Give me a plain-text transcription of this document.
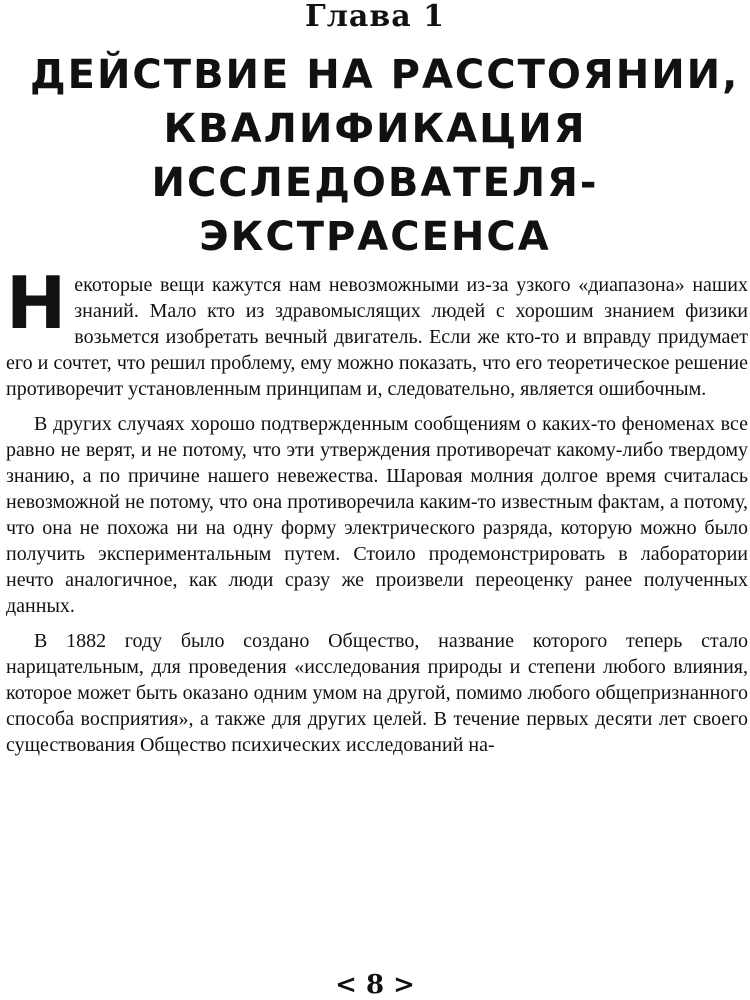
Глава 1
ДЕЙСТВИЕ НА РАССТОЯНИИ,
КВАЛИФИКАЦИЯ
ИССЛЕДОВАТЕЛЯ-
ЭКСТРАСЕНСА

Некоторые вещи кажутся нам невозможными из-за узкого «диапазона» наших знаний. Мало кто из здравомыслящих людей с хорошим знанием физики возьмется изобретать вечный двигатель. Если же кто-то и вправду придумает его и сочтет, что решил проблему, ему можно показать, что его теоретическое решение противоречит установленным принципам и, следовательно, является ошибочным.

В других случаях хорошо подтвержденным сообщениям о каких-то феноменах все равно не верят, и не потому, что эти утверждения противоречат какому-либо твердому знанию, а по причине нашего невежества. Шаровая молния долгое время считалась невозможной не потому, что она противоречила каким-то известным фактам, а потому, что она не похожа ни на одну форму электрического разряда, которую можно было получить экспериментальным путем. Стоило продемонстрировать в лаборатории нечто аналогичное, как люди сразу же произвели переоценку ранее полученных данных.

В 1882 году было создано Общество, название которого теперь стало нарицательным, для проведения «исследования природы и степени любого влияния, которое может быть оказано одним умом на другой, помимо любого общепризнанного способа восприятия», а также для других целей. В течение первых десяти лет своего существования Общество психических исследований на-

< 8 >
